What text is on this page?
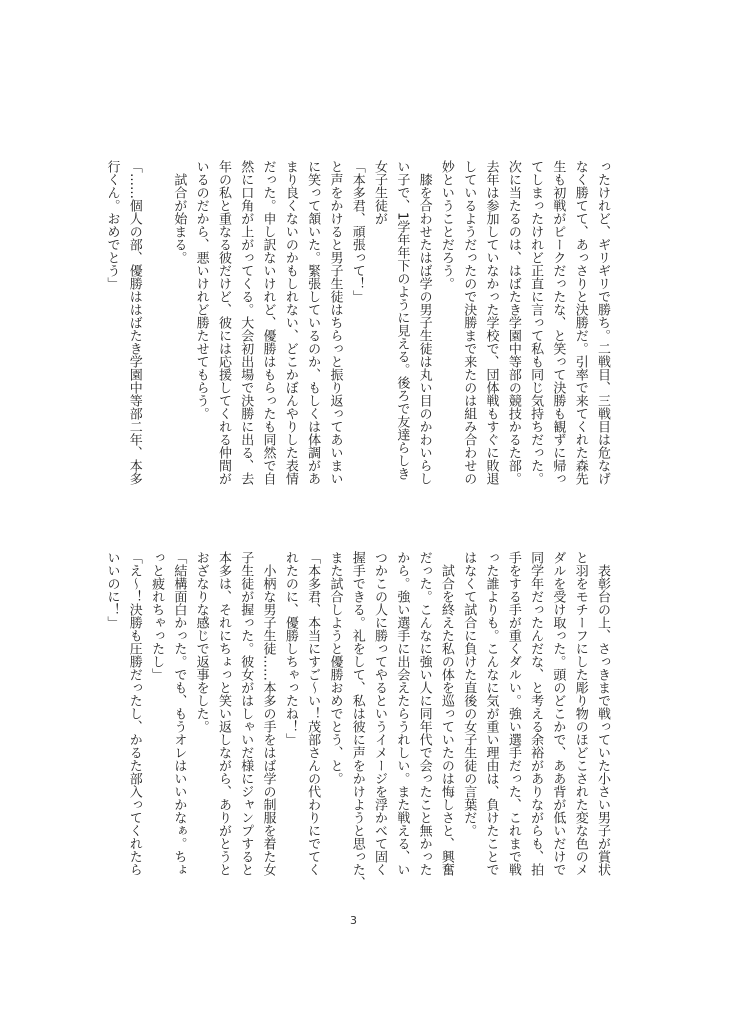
ったけれど、ギリギリで勝ち。二戦目、三戦目は危なげ
なく勝てて、あっさりと決勝だ。引率で来てくれた森先
生も初戦がピークだったな、と笑って決勝も観ずに帰っ
てしまったけれど正直に言って私も同じ気持ちだった。
次に当たるのは、はばたき学園中等部の競技かるた部。
去年は参加していなかった学校で、団体戦もすぐに敗退
しているようだったので決勝まで来たのは組み合わせの
妙ということだろう。
　膝を合わせたはば学の男子生徒は丸い目のかわいらし
い子で、1学年年下のように見える。後ろで友達らしき
女子生徒が
「本多君、頑張って！」
と声をかけると男子生徒はちらっと振り返ってあいまい
に笑って頷いた。緊張しているのか、もしくは体調があ
まり良くないのかもしれない、どこかぼんやりした表情
だった。申し訳ないけれど、優勝はもらったも同然で自
然に口角が上がってくる。大会初出場で決勝に出る、去
年の私と重なる彼だけど、彼には応援してくれる仲間が
いるのだから、悪いけれど勝たせてもらう。
　試合が始まる。

「……個人の部、優勝ははばたき学園中等部二年、本多
行くん。おめでとう」
　表彰台の上、さっきまで戦っていた小さい男子が賞状
と羽をモチーフにした彫り物のほどこされた変な色のメ
ダルを受け取った。頭のどこかで、ああ背が低いだけで
同学年だったんだな、と考える余裕がありながらも、拍
手をする手が重くダルい。強い選手だった、これまで戦
った誰よりも。こんなに気が重い理由は、負けたことで
はなくて試合に負けた直後の女子生徒の言葉だ。
　試合を終えた私の体を巡っていたのは悔しさと、興奮
だった。こんなに強い人に同年代で会ったこと無かった
から。強い選手に出会えたらうれしい。また戦える、い
つかこの人に勝ってやるというイメージを浮かべて固く
握手できる。礼をして、私は彼に声をかけようと思った、
また試合しようと優勝おめでとう、と。
「本多君、本当にすご～い！茂部さんの代わりにでてく
れたのに、優勝しちゃったね！」
　小柄な男子生徒……本多の手をはば学の制服を着た女
子生徒が握った。彼女がはしゃいだ様にジャンプすると
本多は、それにちょっと笑い返しながら、ありがとうと
おざなりな感じで返事をした。
「結構面白かった。でも、もうオレはいいかなぁ。ちょ
っと疲れちゃったし」
「え～！決勝も圧勝だったし、かるた部入ってくれたら
いいのに！」
3
